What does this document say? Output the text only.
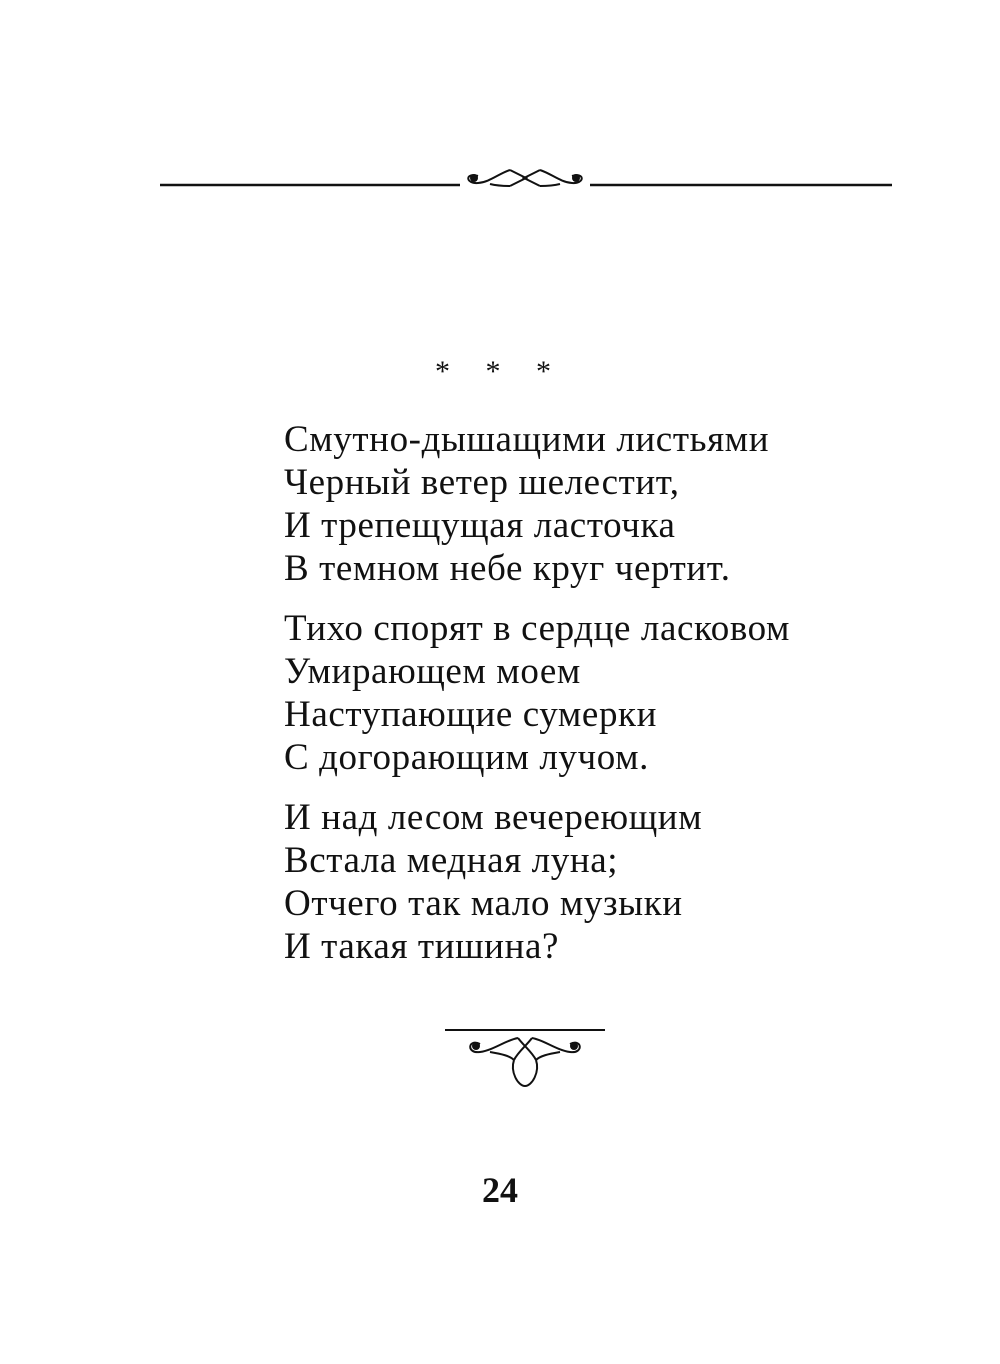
* * *
Смутно-дышащими листьями
Черный ветер шелестит,
И трепещущая ласточка
В темном небе круг чертит.
Тихо спорят в сердце ласковом
Умирающем моем
Наступающие сумерки
С догорающим лучом.
И над лесом вечереющим
Встала медная луна;
Отчего так мало музыки
И такая тишина?
24
